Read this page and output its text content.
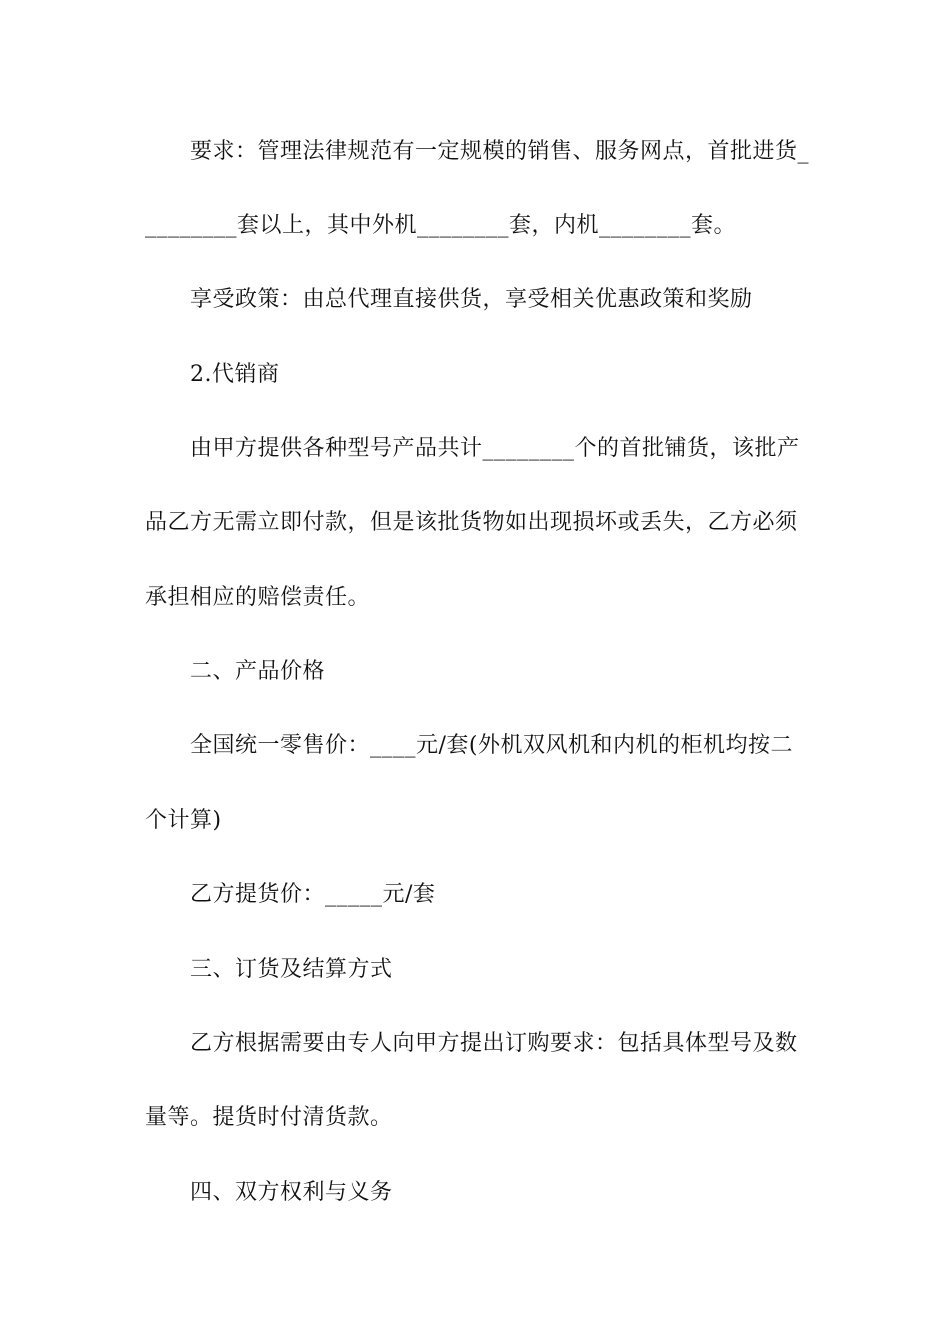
要求：管理法律规范有一定规模的销售、服务网点，首批进货_
________套以上，其中外机________套，内机________套。
享受政策：由总代理直接供货，享受相关优惠政策和奖励
2.代销商
由甲方提供各种型号产品共计________个的首批铺货，该批产
品乙方无需立即付款，但是该批货物如出现损坏或丢失，乙方必须
承担相应的赔偿责任。
二、产品价格
全国统一零售价：____元/套(外机双风机和内机的柜机均按二
个计算)
乙方提货价：_____元/套
三、订货及结算方式
乙方根据需要由专人向甲方提出订购要求：包括具体型号及数
量等。提货时付清货款。
四、双方权利与义务
